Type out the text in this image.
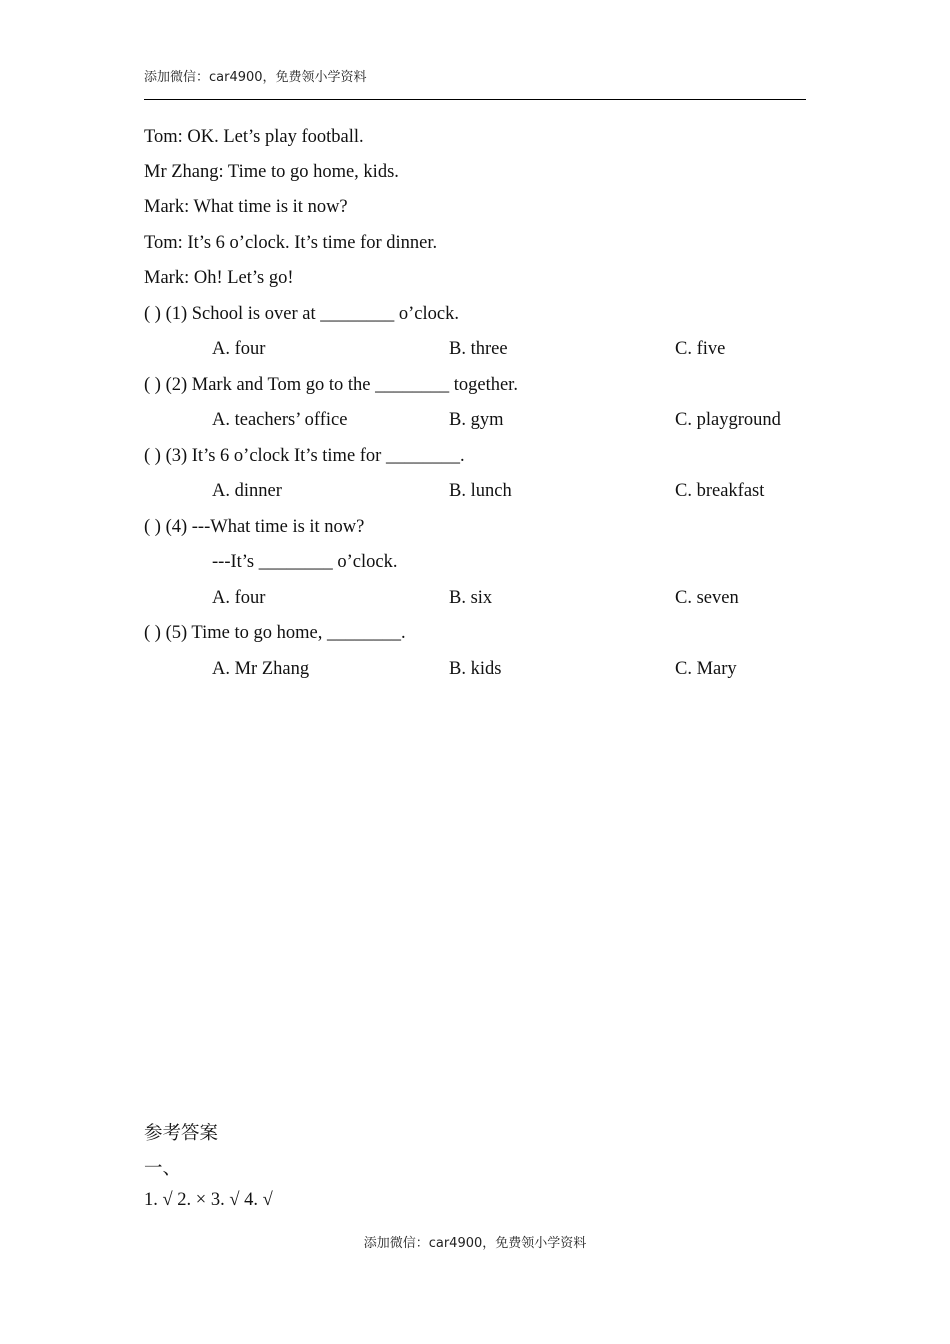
添加微信：car4900，免费领小学资料
Tom: OK. Let’s play football.
Mr Zhang: Time to go home, kids.
Mark: What time is it now?
Tom: It’s 6 o’clock. It’s time for dinner.
Mark: Oh! Let’s go!
( ) (1) School is over at ________ o’clock.
A. four	B. three	C. five
( ) (2) Mark and Tom go to the ________ together.
A. teachers’ office	B. gym	C. playground
( ) (3) It’s 6 o’clock It’s time for ________.
A. dinner	B. lunch	C. breakfast
( ) (4) ---What time is it now?
---It’s ________ o’clock.
A. four	B. six	C. seven
( ) (5) Time to go home, ________.
A. Mr Zhang	B. kids	C. Mary
参考答案
一、
1. √ 2. × 3. √ 4. √
添加微信：car4900，免费领小学资料
